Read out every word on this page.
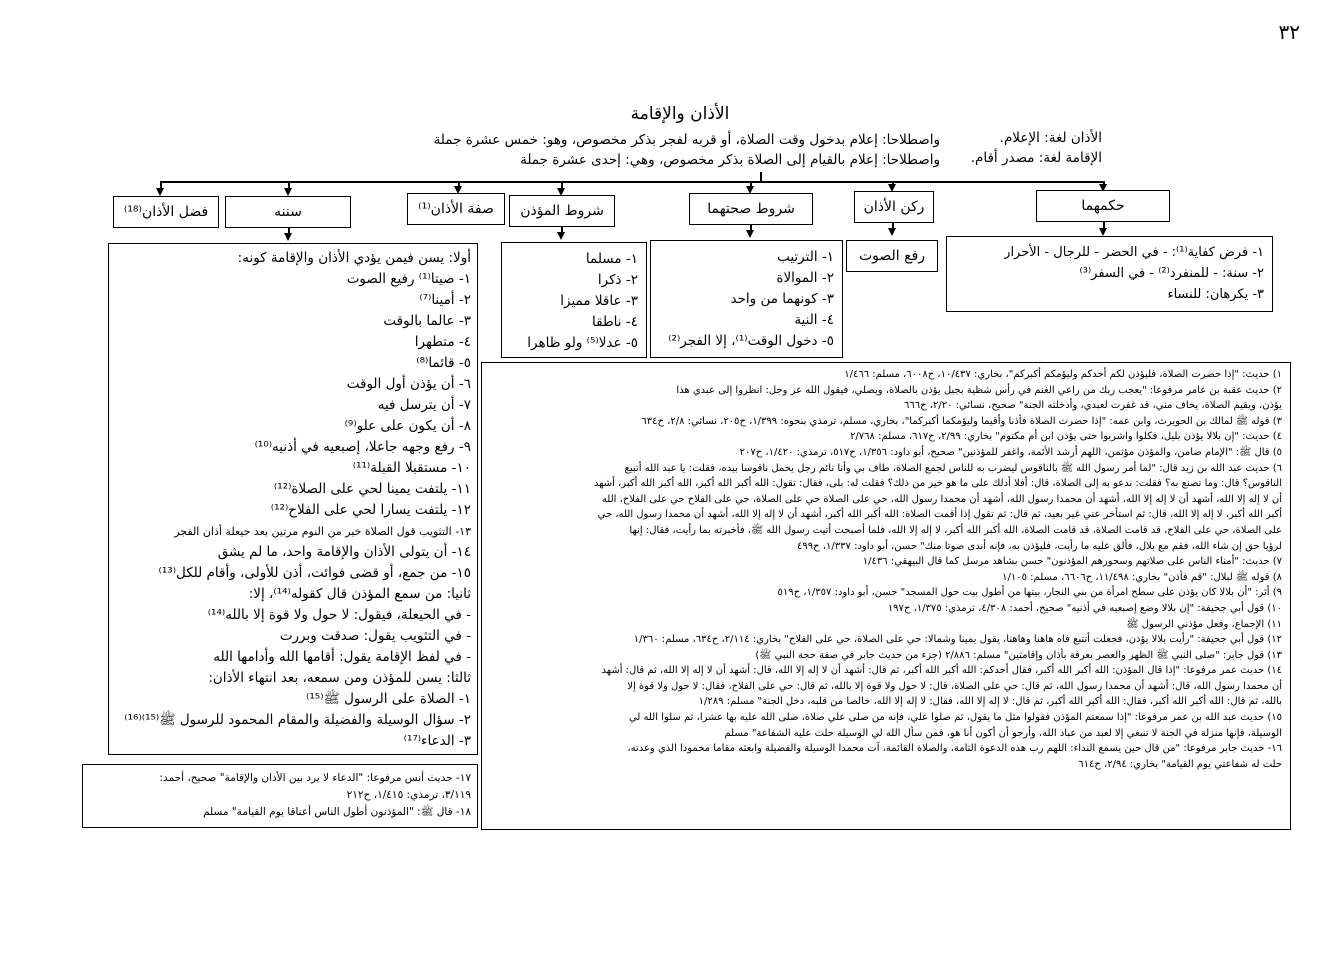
٣٢
الأذان والإقامة
الأذان لغة: الإعلام.
واصطلاحا: إعلام بدخول وقت الصلاة، أو قربه لفجر بذكر مخصوص، وهو: خمس عشرة جملة
الإقامة لغة: مصدر أقام.
واصطلاحا: إعلام بالقيام إلى الصلاة بذكر مخصوص، وهي: إحدى عشرة جملة
فضل الأذان⁽¹⁸⁾	سننه	صفة الأذان⁽¹⁾	شروط المؤذن	شروط صحتهما	ركن الأذان	حكمهما
١- فرض كفاية⁽¹⁾: - في الحضر - للرجال - الأحرار
٢- سنة: - للمنفرد⁽²⁾ - في السفر⁽³⁾
٣- يكرهان: للنساء
رفع الصوت
١- الترتيب
٢- الموالاة
٣- كونهما من واحد
٤- النية
٥- دخول الوقت⁽¹⁾، إلا الفجر⁽²⁾
١- مسلما
٢- ذكرا
٣- عاقلا مميزا
٤- ناطقا
٥- عدلا⁽⁵⁾ ولو ظاهرا
أولا: يسن فيمن يؤدي الأذان والإقامة كونه:
١- صيتا⁽¹⁾ رفيع الصوت
٢- أمينا⁽⁷⁾
٣- عالما بالوقت
٤- متطهرا
٥- قائما⁽⁸⁾
٦- أن يؤذن أول الوقت
٧- أن يترسل فيه
٨- أن يكون على علو⁽⁹⁾
٩- رفع وجهه جاعلا، إصبعيه في أذنيه⁽¹⁰⁾
١٠- مستقبلا القبلة⁽¹¹⁾
١١- يلتفت يمينا لحي على الصلاة⁽¹²⁾
١٢- يلتفت يسارا لحي على الفلاح⁽¹²⁾
١٣- التثويب قول الصلاة خير من النوم مرتين بعد حيعلة أذان الفجر
١٤- أن يتولى الأذان والإقامة واحد، ما لم يشق
١٥- من جمع، أو قضى فوائت، أذن للأولى، وأقام للكل⁽¹³⁾
ثانيا: من سمع المؤذن قال كقوله⁽¹⁴⁾، إلا:
- في الحيعلة، فيقول: لا حول ولا قوة إلا بالله⁽¹⁴⁾
- في التثويب يقول: صدقت وبررت
- في لفظ الإقامة يقول: أقامها الله وأدامها الله
ثالثا: يسن للمؤذن ومن سمعه، بعد انتهاء الأذان:
١- الصلاة على الرسول ﷺ⁽¹⁵⁾
٢- سؤال الوسيلة والفضيلة والمقام المحمود للرسول ﷺ⁽¹⁵⁾⁽¹⁶⁾
٣- الدعاء⁽¹⁷⁾
١٧- حديث أنس مرفوعا: "الدعاء لا يرد بين الأذان والإقامة" صحيح، أحمد:
٣/١١٩، ترمذي: ١/٤١٥، ح٢١٢
١٨- قال ﷺ: "المؤذنون أطول الناس أعناقا يوم القيامة" مسلم
١) حديث: "إذا حضرت الصلاة، فليؤذن لكم أحدكم وليؤمكم أكبركم"، بخاري: ١٠/٤٣٧، ح٦٠٠٨، مسلم: ١/٤٦٦
٢) حديث عقبة بن عامر مرفوعا: "يعجب ربك من راعي الغنم في رأس شظية بجبل يؤذن بالصلاة، ويصلي، فيقول الله عز وجل: انظروا إلى عبدي هذا
يؤذن، ويقيم الصلاة، يخاف مني، قد غفرت لعبدي، وأدخلته الجنة" صحيح، نسائي: ٢/٢٠، ح٦٦٦
٣) قوله ﷺ لمالك بن الحويرث، وابن عمه: "إذا حضرت الصلاة فأذنا وأقيما وليؤمكما أكبركما"، بخاري، مسلم، ترمذي بنحوه: ١/٣٩٩، ح٢٠٥، نسائي: ٢/٨، ح٦٣٤
٤) حديث: "إن بلالا يؤذن بليل، فكلوا واشربوا حتى يؤذن ابن أم مكتوم" بخاري: ٢/٩٩، ح٦١٧، مسلم: ٢/٧٦٨
٥) قال ﷺ: "الإمام ضامن، والمؤذن مؤتمن، اللهم أرشد الأئمة، واغفر للمؤذنين" صحيح، أبو داود: ١/٣٥٦، ح٥١٧، ترمذي: ١/٤٢٠، ح٢٠٧
٦) حديث عبد الله بن زيد قال: "لما أمر رسول الله ﷺ بالناقوس ليضرب به للناس لجمع الصلاة، طاف بي وأنا نائم رجل يحمل ناقوسا بيده، فقلت: يا عبد الله أتبيع
الناقوس؟ قال: وما تصنع به؟ فقلت: ندعو به إلى الصلاة، قال: أفلا أدلك على ما هو خير من ذلك؟ فقلت له: بلى، فقال: تقول: الله أكبر الله أكبر، الله أكبر الله أكبر، أشهد
أن لا إله إلا الله، أشهد أن لا إله إلا الله، أشهد أن محمدا رسول الله، أشهد أن محمدا رسول الله، حي على الصلاة حي على الصلاة، حي على الفلاح حي على الفلاح، الله
أكبر الله أكبر، لا إله إلا الله، قال: ثم استأخر عني غير بعيد، ثم قال: ثم تقول إذا أقمت الصلاة: الله أكبر الله أكبر، أشهد أن لا إله إلا الله، أشهد أن محمدا رسول الله، حي
على الصلاة، حي على الفلاح، قد قامت الصلاة، قد قامت الصلاة، الله أكبر الله أكبر، لا إله إلا الله، فلما أصبحت أتيت رسول الله ﷺ، فأخبرته بما رأيت، فقال: إنها
لرؤيا حق إن شاء الله، فقم مع بلال، فألق عليه ما رأيت، فليؤذن به، فإنه أندى صوتا منك" حسن، أبو داود: ١/٣٣٧، ح٤٩٩
٧) حديث: "أمناء الناس على صلاتهم وسحورهم المؤذنون" حسن بشاهد مرسل كما قال البيهقي: ١/٤٣٦
٨) قوله ﷺ لبلال: "قم فأذن" بخاري: ١١/٤٩٨، ح٦٦٠٦، مسلم: ١/١٠٥
٩) أثر: "أن بلالا كان يؤذن على سطح امرأة من بني النجار، بيتها من أطول بيت حول المسجد" حسن، أبو داود: ١/٣٥٧، ح٥١٩
١٠) قول أبي جحيفة: "إن بلالا وضع إصبعيه في أذنيه" صحيح، أحمد: ٤/٣٠٨، ترمذي: ١/٣٧٥، ح١٩٧
١١) الإجماع، وفعل مؤذني الرسول ﷺ
١٢) قول أبي جحيفة: "رأيت بلالا يؤذن، فجعلت أتتبع فاه هاهنا وهاهنا، يقول يمينا وشمالا: حي على الصلاة، حي على الفلاح" بخاري: ٢/١١٤، ح٦٣٤، مسلم: ١/٣٦٠
١٣) قول جابر: "صلى النبي ﷺ الظهر والعصر بعرفة بأذان وإقامتين" مسلم: ٢/٨٨٦ (جزء من حديث جابر في صفة حجة النبي ﷺ)
١٤) حديث عمر مرفوعا: "إذا قال المؤذن: الله أكبر الله أكبر، فقال أحدكم: الله أكبر الله أكبر، ثم قال: أشهد أن لا إله إلا الله، قال: أشهد أن لا إله إلا الله، ثم قال: أشهد
أن محمدا رسول الله، قال: أشهد أن محمدا رسول الله، ثم قال: حي على الصلاة، قال: لا حول ولا قوة إلا بالله، ثم قال: حي على الفلاح، فقال: لا حول ولا قوة إلا
بالله، ثم قال: الله أكبر الله أكبر، فقال: الله أكبر الله أكبر، ثم قال: لا إله إلا الله، فقال: لا إله إلا الله، خالصا من قلبه، دخل الجنة" مسلم: ١/٢٨٩
١٥) حديث عبد الله بن عمر مرفوعا: "إذا سمعتم المؤذن فقولوا مثل ما يقول، ثم صلوا علي، فإنه من صلى علي صلاة، صلى الله عليه بها عشرا، ثم سلوا الله لي
الوسيلة، فإنها منزلة في الجنة لا تنبغي إلا لعبد من عباد الله، وأرجو أن أكون أنا هو، فمن سأل الله لي الوسيلة حلت عليه الشفاعة" مسلم
١٦- حديث جابر مرفوعا: "من قال حين يسمع النداء: اللهم رب هذه الدعوة التامة، والصلاة القائمة، آت محمدا الوسيلة والفضيلة وابعثه مقاما محمودا الذي وعدته،
حلت له شفاعتي يوم القيامة" بخاري: ٢/٩٤، ح٦١٤
